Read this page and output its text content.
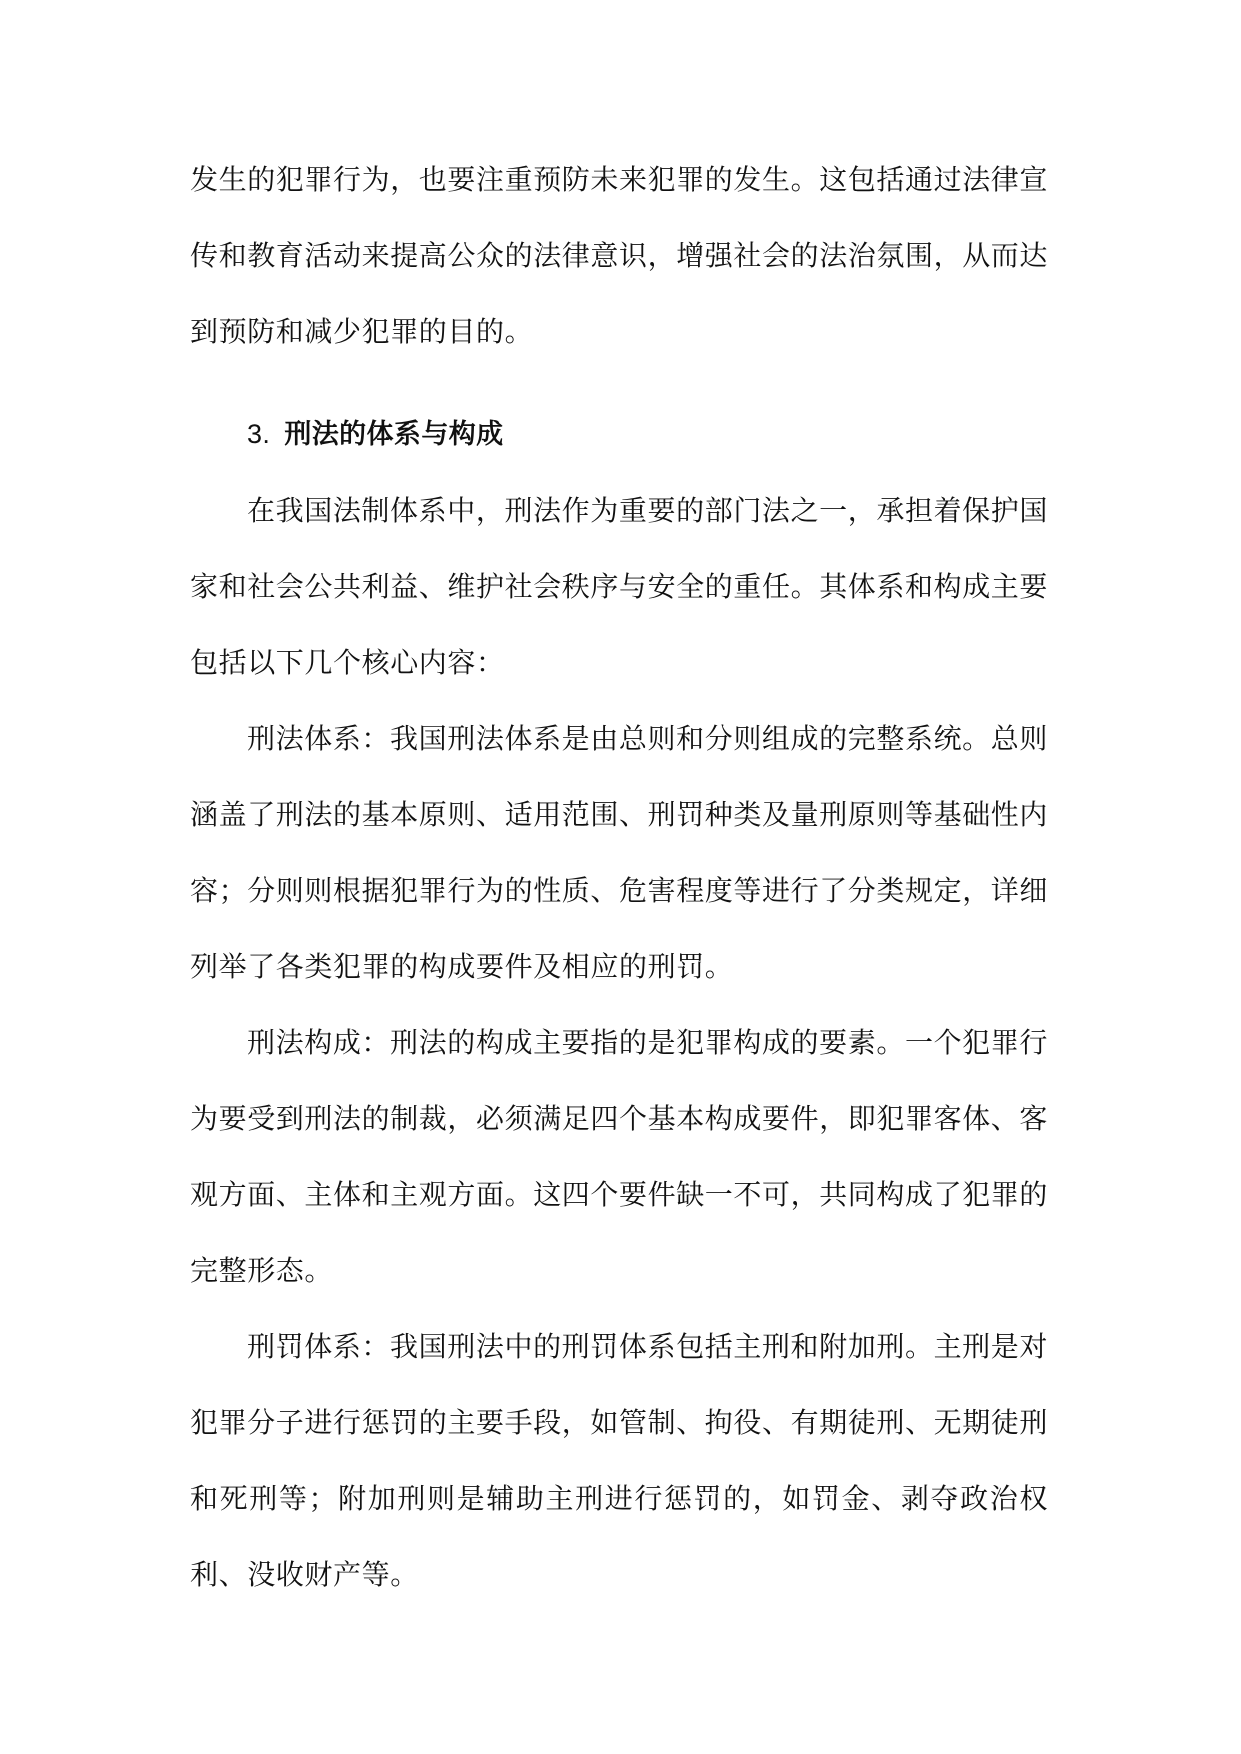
发生的犯罪行为，也要注重预防未来犯罪的发生。这包括通过法律宣传和教育活动来提高公众的法律意识，增强社会的法治氛围，从而达到预防和减少犯罪的目的。

3. 刑法的体系与构成

在我国法制体系中，刑法作为重要的部门法之一，承担着保护国家和社会公共利益、维护社会秩序与安全的重任。其体系和构成主要包括以下几个核心内容：

刑法体系：我国刑法体系是由总则和分则组成的完整系统。总则涵盖了刑法的基本原则、适用范围、刑罚种类及量刑原则等基础性内容；分则则根据犯罪行为的性质、危害程度等进行了分类规定，详细列举了各类犯罪的构成要件及相应的刑罚。

刑法构成：刑法的构成主要指的是犯罪构成的要素。一个犯罪行为要受到刑法的制裁，必须满足四个基本构成要件，即犯罪客体、客观方面、主体和主观方面。这四个要件缺一不可，共同构成了犯罪的完整形态。

刑罚体系：我国刑法中的刑罚体系包括主刑和附加刑。主刑是对犯罪分子进行惩罚的主要手段，如管制、拘役、有期徒刑、无期徒刑和死刑等；附加刑则是辅助主刑进行惩罚的，如罚金、剥夺政治权利、没收财产等。
